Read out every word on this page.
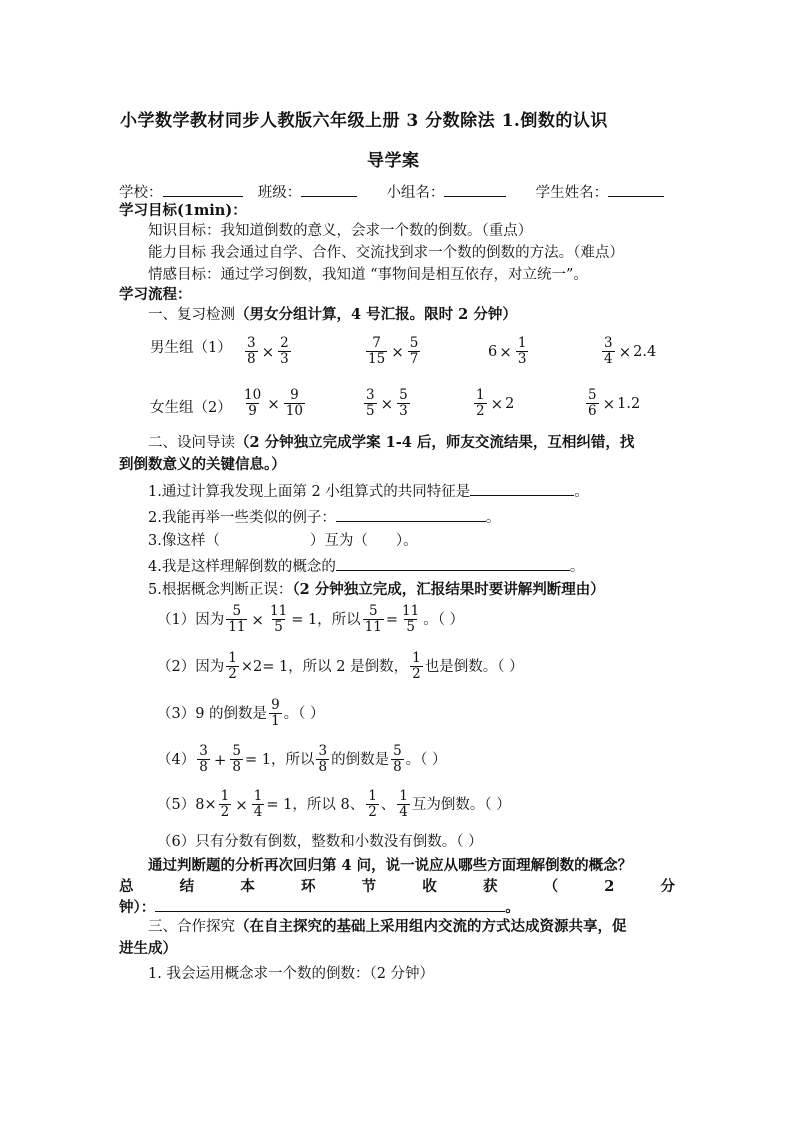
小学数学教材同步人教版六年级上册 3 分数除法 1.倒数的认识
导学案
学校：	班级：	小组名：	学生姓名：
学习目标(1min)：
知识目标：我知道倒数的意义，会求一个数的倒数。（重点）
能力目标 我会通过自学、合作、交流找到求一个数的倒数的方法。（难点）
情感目标：通过学习倒数，我知道 “事物间是相互依存，对立统一”。
学习流程：
一、复习检测（男女分组计算，4 号汇报。限时 2 分钟）
男生组$(1) \frac{3}{8} \times \frac{2}{3}$	$\frac{7}{15} \times \frac{5}{7}$	$6 \times \frac{1}{3}$	$\frac{3}{4} \times 2.4$
女生组$(2) \frac{10}{9} \times \frac{9}{10}$	$\frac{3}{5} \times \frac{5}{3}$	$\frac{1}{2} \times 2$	$\frac{5}{6} \times 1.2$
二、设问导读（2 分钟独立完成学案 1-4 后，师友交流结果，互相纠错，找
到倒数意义的关键信息。）
1.通过计算我发现上面第 2 小组算式的共同特征是	。
2.我能再举一些类似的例子：	。
3.像这样（	）互为（ ）。
4.我是这样理解倒数的概念的	。
5.根据概念判断正误：（2 分钟独立完成，汇报结果时要讲解判断理由）
（1）因为 $\frac{5}{11} \times \frac{11}{5} = 1$，所以 $\frac{5}{11} = \frac{11}{5}$ 。（ ）
（2）因为 $\frac{1}{2} \times 2= 1$，所以 2 是倒数， $\frac{1}{2}$ 也是倒数。（ ）
（3）9 的倒数是 $\frac{9}{1}$ 。（ ）
$(4) \frac{3}{8} + \frac{5}{8} = 1$，所以 $\frac{3}{8}$ 的倒数是 $\frac{5}{8}$ 。（ ）
$(5)8\times \frac{1}{2} \times \frac{1}{4} = 1$，所以 8、 $\frac{1}{2}$ 、 $\frac{1}{4}$ 互为倒数。（ ）
（6）只有分数有倒数，整数和小数没有倒数。（ ）
通过判断题的分析再次回归第 4 问，说一说应从哪些方面理解倒数的概念？
总	结	本	环	节	收	获	（	2	分
钟）：	。
三、合作探究（在自主探究的基础上采用组内交流的方式达成资源共享，促
进生成）
1. 我会运用概念求一个数的倒数：（2 分钟）
